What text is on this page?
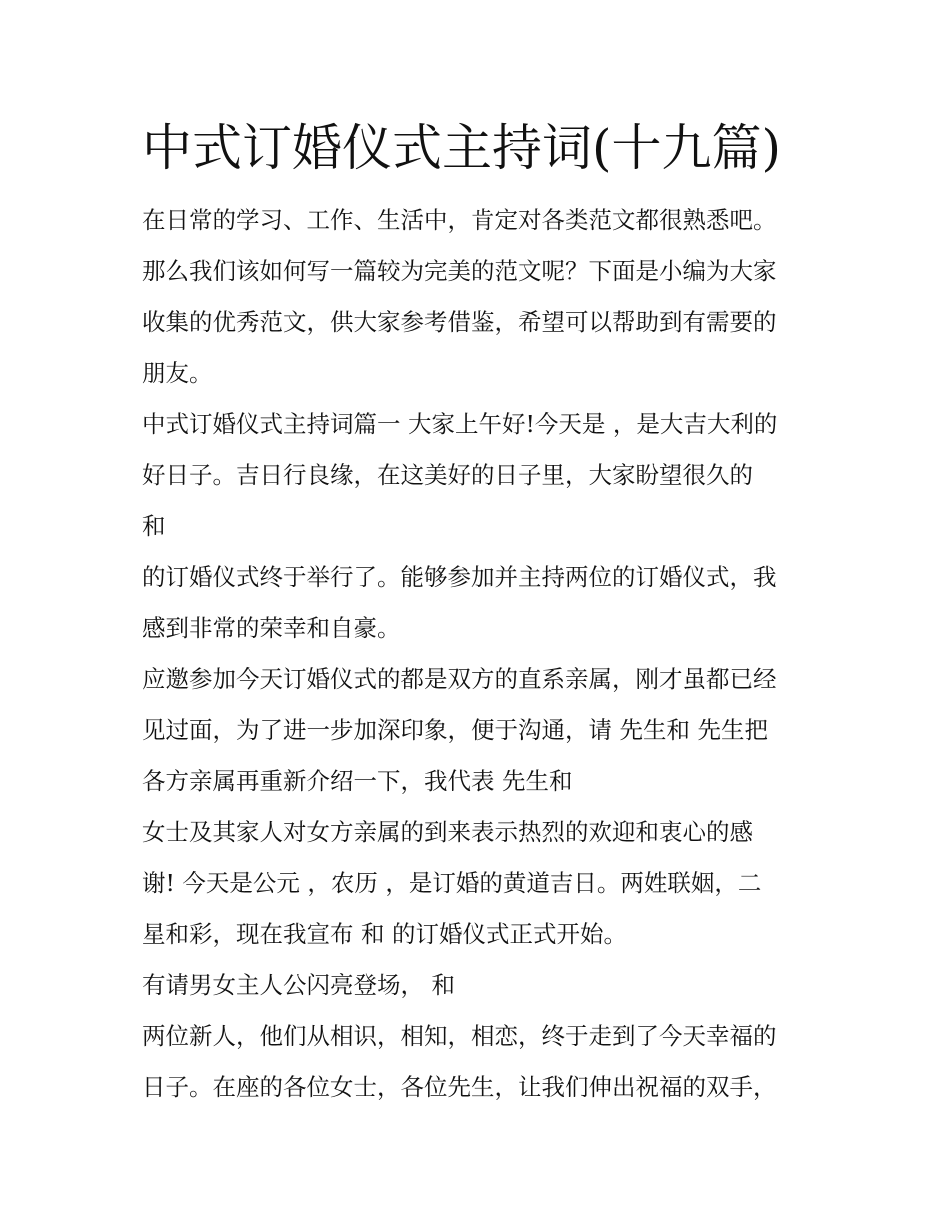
中式订婚仪式主持词(十九篇)

在日常的学习、工作、生活中，肯定对各类范文都很熟悉吧。

那么我们该如何写一篇较为完美的范文呢？下面是小编为大家

收集的优秀范文，供大家参考借鉴，希望可以帮助到有需要的

朋友。

中式订婚仪式主持词篇一 大家上午好!今天是 ，是大吉大利的

好日子。吉日行良缘，在这美好的日子里，大家盼望很久的

和

的订婚仪式终于举行了。能够参加并主持两位的订婚仪式，我

感到非常的荣幸和自豪。

应邀参加今天订婚仪式的都是双方的直系亲属，刚才虽都已经

见过面，为了进一步加深印象，便于沟通，请 先生和 先生把

各方亲属再重新介绍一下，我代表 先生和

女士及其家人对女方亲属的到来表示热烈的欢迎和衷心的感

谢! 今天是公元 ，农历 ，是订婚的黄道吉日。两姓联姻，二

星和彩，现在我宣布 和 的订婚仪式正式开始。

有请男女主人公闪亮登场， 和

两位新人，他们从相识，相知，相恋，终于走到了今天幸福的

日子。在座的各位女士，各位先生，让我们伸出祝福的双手，
